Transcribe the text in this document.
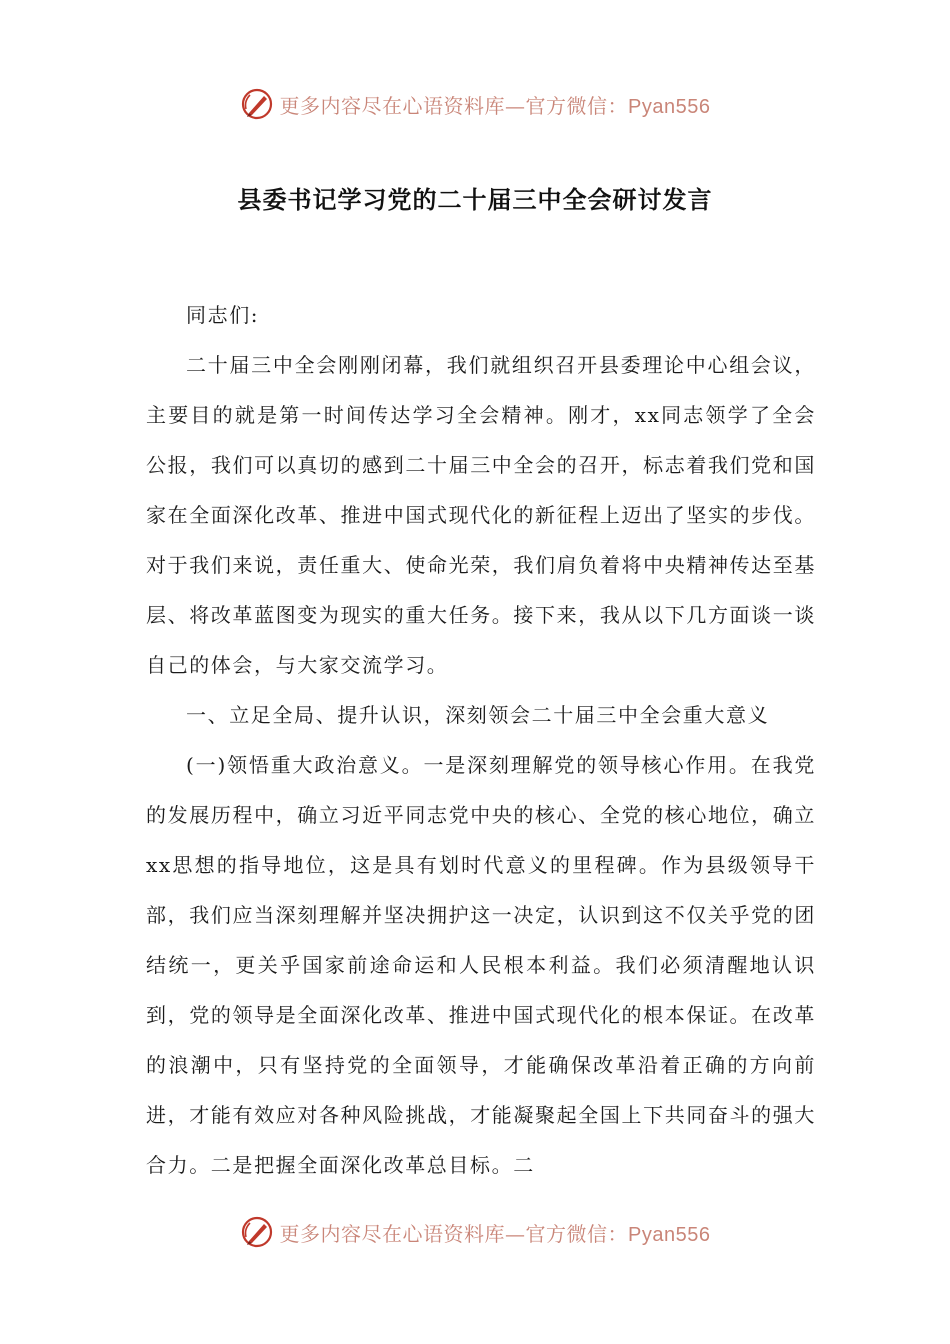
更多内容尽在心语资料库—官方微信：Pyan556
县委书记学习党的二十届三中全会研讨发言

同志们:

二十届三中全会刚刚闭幕，我们就组织召开县委理论中心组会议，主要目的就是第一时间传达学习全会精神。刚才，xx同志领学了全会公报，我们可以真切的感到二十届三中全会的召开，标志着我们党和国家在全面深化改革、推进中国式现代化的新征程上迈出了坚实的步伐。对于我们来说，责任重大、使命光荣，我们肩负着将中央精神传达至基层、将改革蓝图变为现实的重大任务。接下来，我从以下几方面谈一谈自己的体会，与大家交流学习。

一、立足全局、提升认识，深刻领会二十届三中全会重大意义

(一)领悟重大政治意义。一是深刻理解党的领导核心作用。在我党的发展历程中，确立习近平同志党中央的核心、全党的核心地位，确立xx思想的指导地位，这是具有划时代意义的里程碑。作为县级领导干部，我们应当深刻理解并坚决拥护这一决定，认识到这不仅关乎党的团结统一，更关乎国家前途命运和人民根本利益。我们必须清醒地认识到，党的领导是全面深化改革、推进中国式现代化的根本保证。在改革的浪潮中，只有坚持党的全面领导，才能确保改革沿着正确的方向前进，才能有效应对各种风险挑战，才能凝聚起全国上下共同奋斗的强大合力。二是把握全面深化改革总目标。二

更多内容尽在心语资料库—官方微信：Pyan556
